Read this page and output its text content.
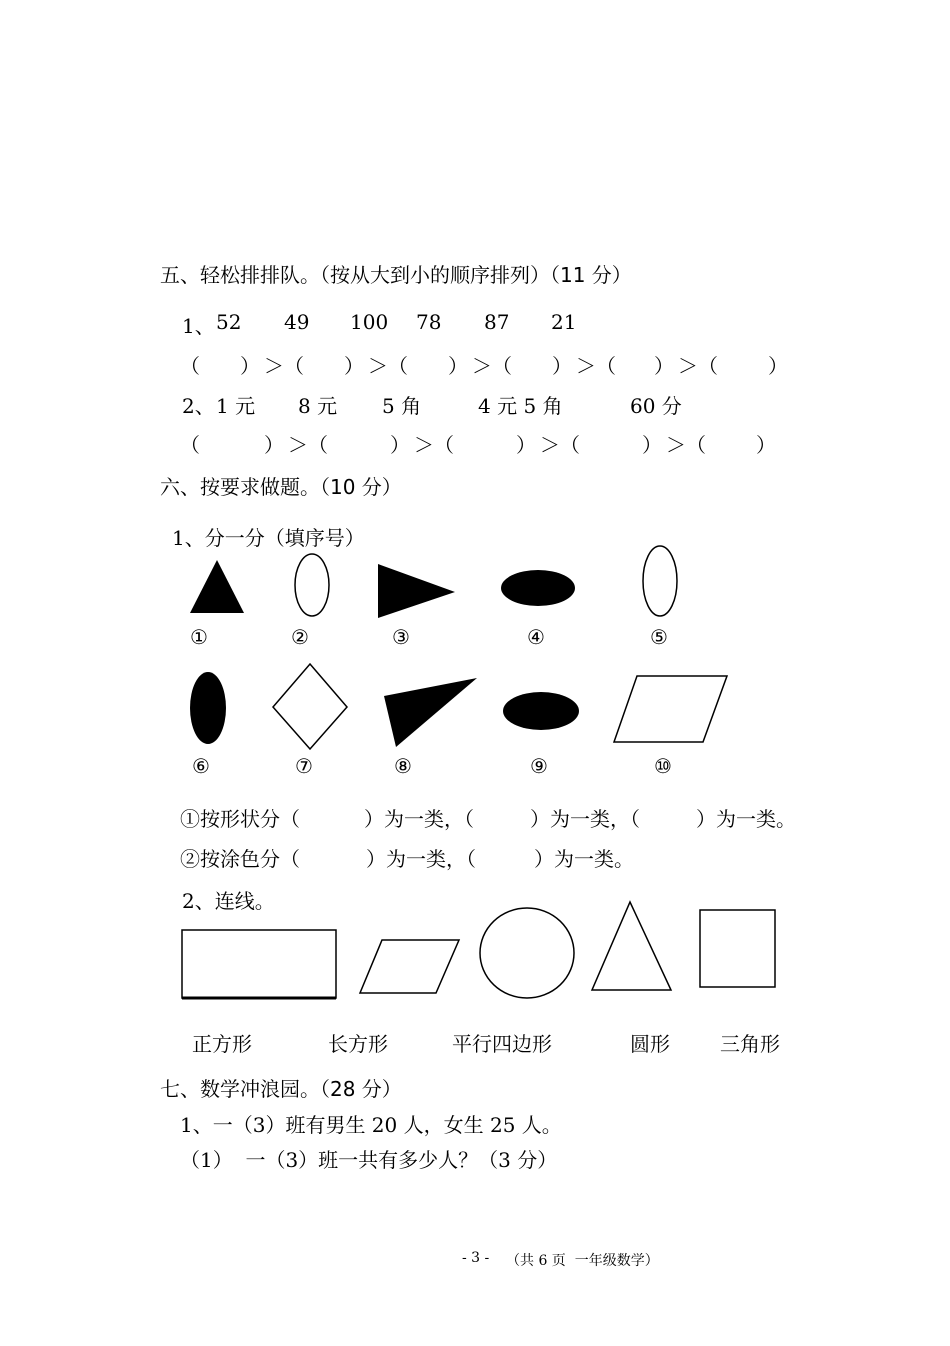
五、轻松排排队。（按从大到小的顺序排列）（11 分）
1、 52 49 100 78 87 21
（ ） ＞ （ ） ＞ （ ） ＞ （ ） ＞ （ ） ＞ （	）
2、 1 元 8 元 5 角	4 元 5 角	60 分
（	） ＞ （	） ＞ （	） ＞ （	） ＞ （	）
六、按要求做题。（10 分）
1、分一分（填序号）
①	②	③	④	⑤
⑥	⑦	⑧	⑨	⑩
①按形状分（	）为一类，（	）为一类，（	）为一类。
②按涂色分（	）为一类，（	）为一类。
2、连线。
正方形	长方形	平行四边形	圆形	三角形
七、数学冲浪园。（28 分）
1、一（3）班有男生 20 人，女生 25 人。
（1）  一（3）班一共有多少人？（3 分）
- 3 - （共 6 页  一年级数学）
